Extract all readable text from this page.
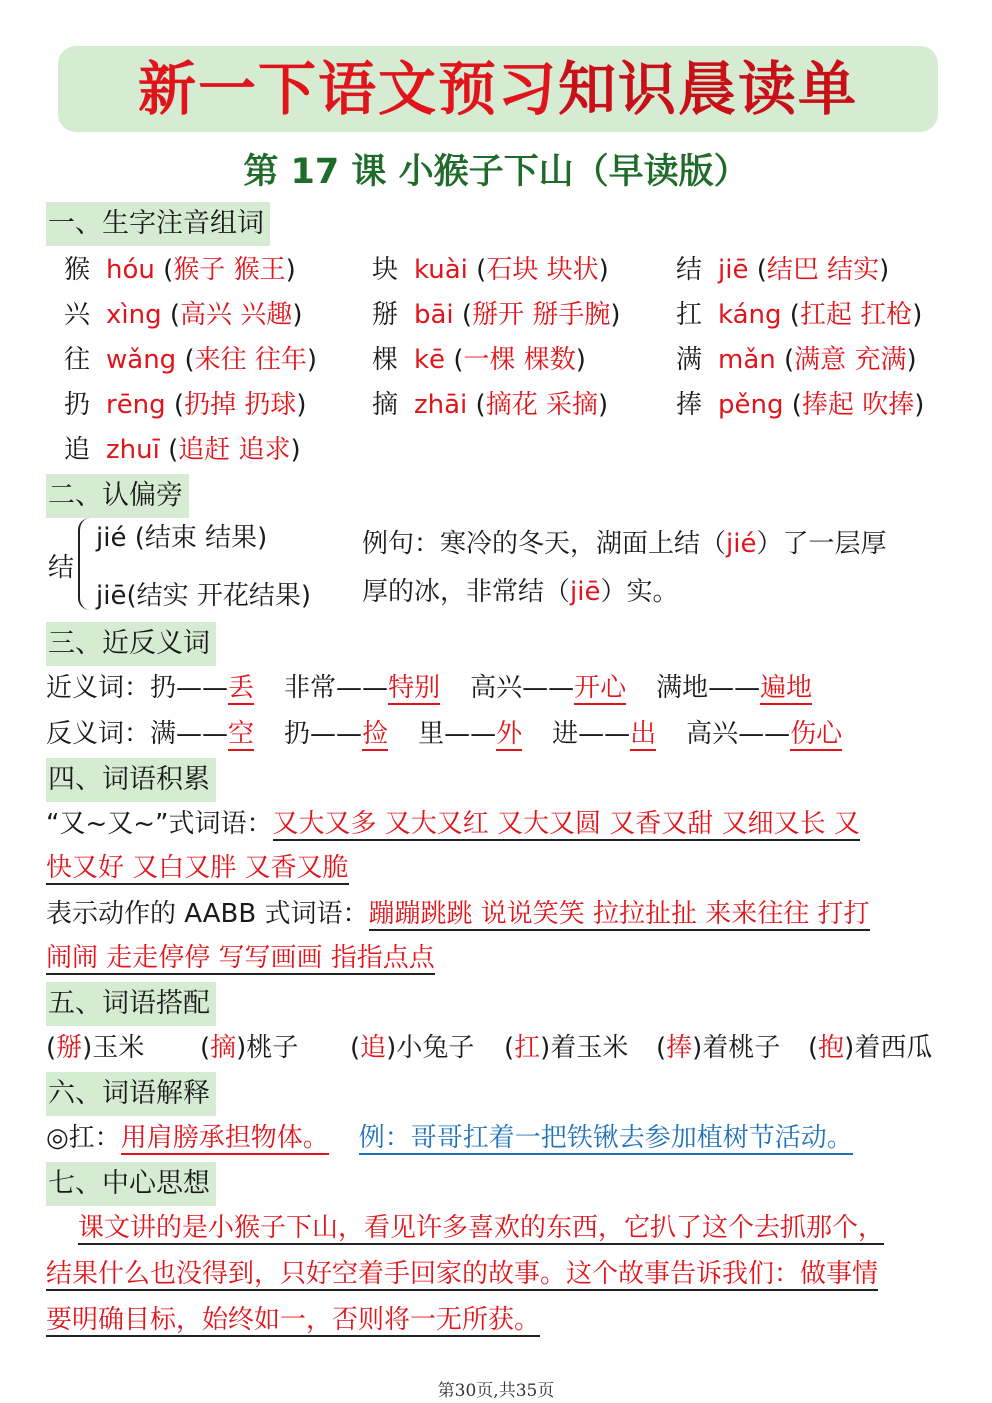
新一下语文预习知识晨读单
第 17 课 小猴子下山（早读版）
一、生字注音组词
猴 hóu (猴子 猴王)	块 kuài (石块 块状)	结 jiē (结巴 结实)
兴 xìng (高兴 兴趣)	掰 bāi (掰开 掰手腕) 扛 káng (扛起 扛枪)
往 wǎng (来往 往年) 棵 kē (一棵 棵数)	满 mǎn (满意 充满)
扔 rēng (扔掉 扔球)	摘 zhāi (摘花 采摘)	捧 pěng (捧起 吹捧)
追 zhuī (追赶 追求)
二、认偏旁
结
jié (结束 结果)
jiē(结实 开花结果)
例句：寒冷的冬天，湖面上结（jié）了一层厚
厚的冰，非常结（jiē）实。
三、近反义词
近义词：扔——丢 非常——特别 高兴——开心 满地——遍地
反义词：满——空 扔——捡 里——外 进——出 高兴——伤心
四、词语积累
“又~又~”式词语：又大又多 又大又红 又大又圆 又香又甜 又细又长 又
快又好 又白又胖 又香又脆
表示动作的 AABB 式词语：蹦蹦跳跳 说说笑笑 拉拉扯扯 来来往往 打打
闹闹 走走停停 写写画画 指指点点
五、词语搭配
(掰)玉米 (摘)桃子 (追)小兔子 (扛)着玉米 (捧)着桃子 (抱)着西瓜
六、词语解释
◎扛：用肩膀承担物体。 例：哥哥扛着一把铁锹去参加植树节活动。
七、中心思想
课文讲的是小猴子下山，看见许多喜欢的东西，它扒了这个去抓那个，
结果什么也没得到，只好空着手回家的故事。这个故事告诉我们：做事情
要明确目标，始终如一，否则将一无所获。
第30页,共35页
